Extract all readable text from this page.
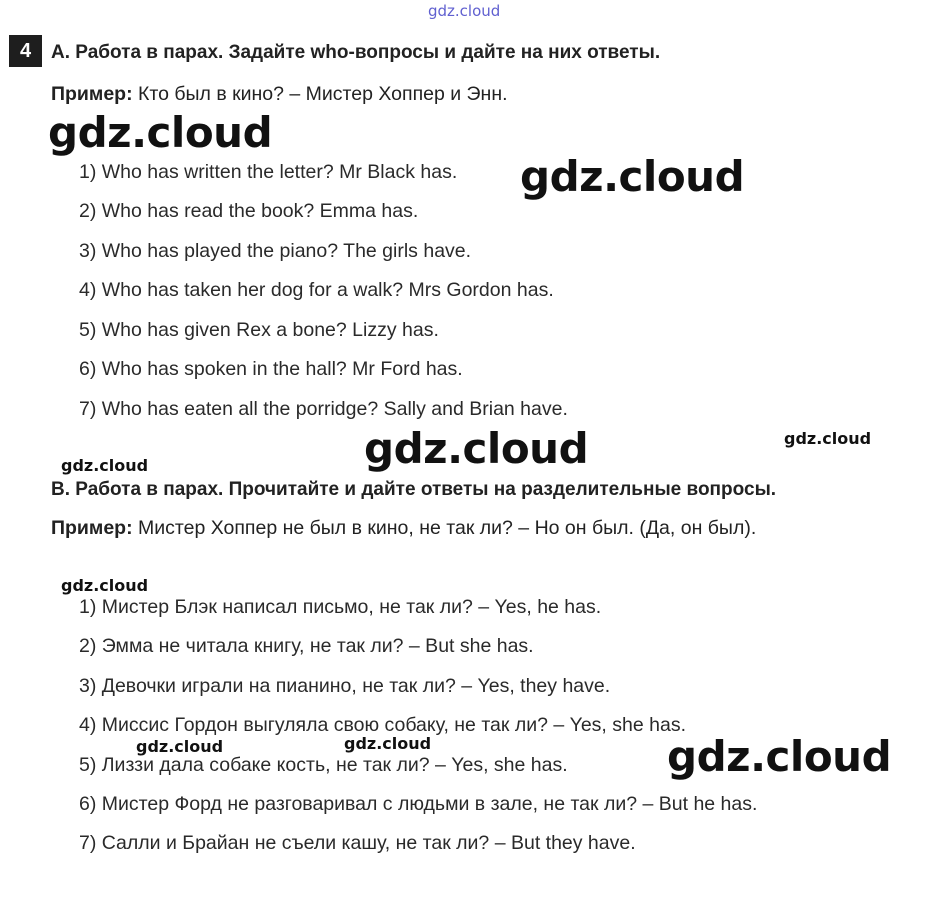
gdz.cloud
4	A. Работа в парах. Задайте who-вопросы и дайте на них ответы.
Пример: Кто был в кино? – Мистер Хоппер и Энн.
1) Who has written the letter? Mr Black has.
2) Who has read the book? Emma has.
3) Who has played the piano? The girls have.
4) Who has taken her dog for a walk? Mrs Gordon has.
5) Who has given Rex a bone? Lizzy has.
6) Who has spoken in the hall? Mr Ford has.
7) Who has eaten all the porridge? Sally and Brian have.
B. Работа в парах. Прочитайте и дайте ответы на разделительные вопросы.
Пример: Мистер Хоппер не был в кино, не так ли? – Но он был. (Да, он был).
1) Мистер Блэк написал письмо, не так ли? – Yes, he has.
2) Эмма не читала книгу, не так ли? – But she has.
3) Девочки играли на пианино, не так ли? – Yes, they have.
4) Миссис Гордон выгуляла свою собаку, не так ли? – Yes, she has.
5) Лиззи дала собаке кость, не так ли? – Yes, she has.
6) Мистер Форд не разговаривал с людьми в зале, не так ли? – But he has.
7) Салли и Брайан не съели кашу, не так ли? – But they have.
gdz.cloud
gdz.cloud
gdz.cloud	gdz.cloud
gdz.cloud
gdz.cloud
gdz.cloud	gdz.cloud	gdz.cloud
